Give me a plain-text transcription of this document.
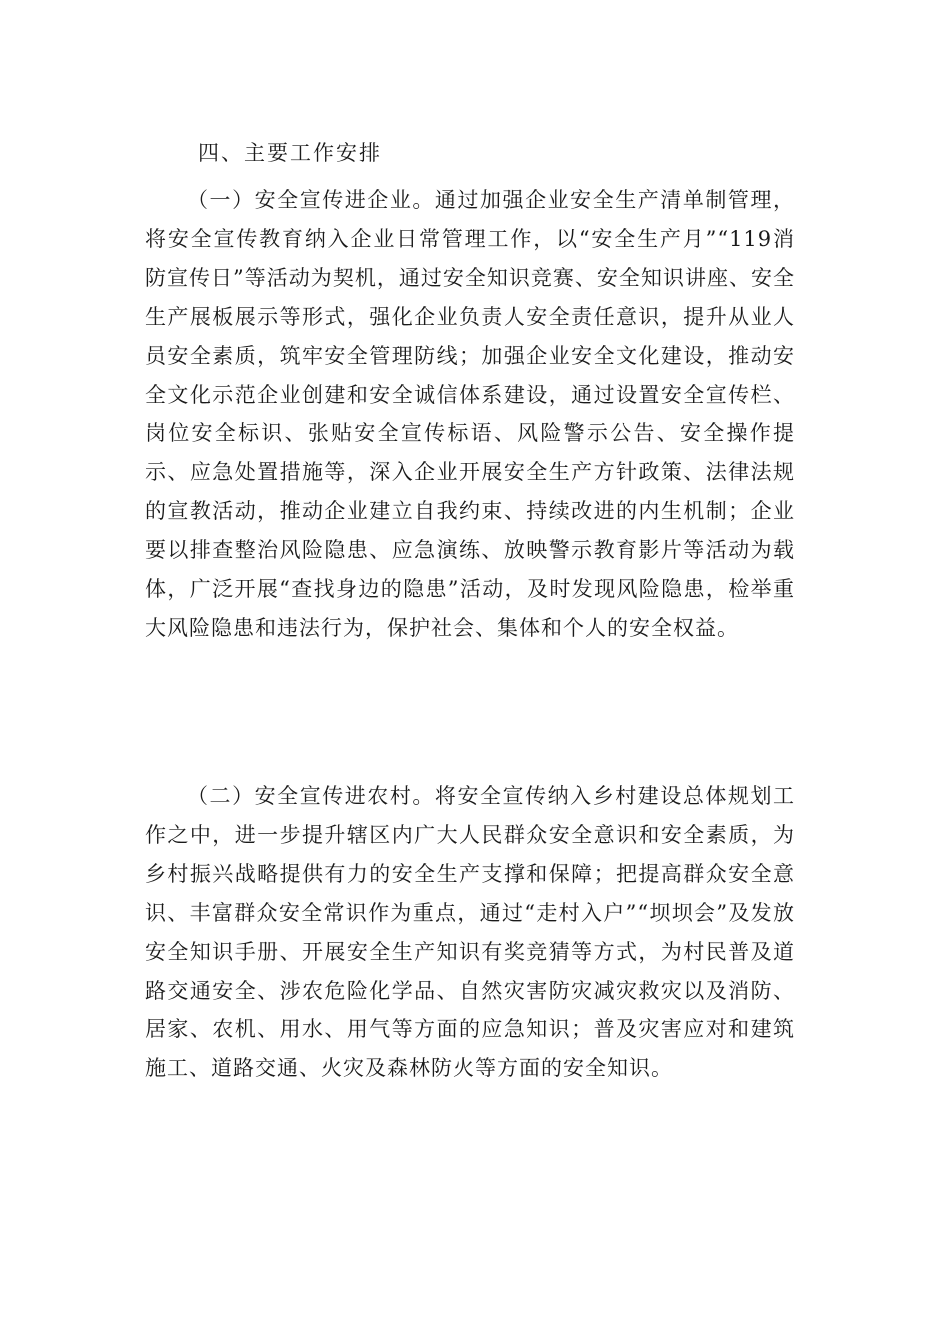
四、主要工作安排

（一）安全宣传进企业。通过加强企业安全生产清单制管理，将安全宣传教育纳入企业日常管理工作，以“安全生产月”“119消防宣传日”等活动为契机，通过安全知识竞赛、安全知识讲座、安全生产展板展示等形式，强化企业负责人安全责任意识，提升从业人员安全素质，筑牢安全管理防线；加强企业安全文化建设，推动安全文化示范企业创建和安全诚信体系建设，通过设置安全宣传栏、岗位安全标识、张贴安全宣传标语、风险警示公告、安全操作提示、应急处置措施等，深入企业开展安全生产方针政策、法律法规的宣教活动，推动企业建立自我约束、持续改进的内生机制；企业要以排查整治风险隐患、应急演练、放映警示教育影片等活动为载体，广泛开展“查找身边的隐患”活动，及时发现风险隐患，检举重大风险隐患和违法行为，保护社会、集体和个人的安全权益。

（二）安全宣传进农村。将安全宣传纳入乡村建设总体规划工作之中，进一步提升辖区内广大人民群众安全意识和安全素质，为乡村振兴战略提供有力的安全生产支撑和保障；把提高群众安全意识、丰富群众安全常识作为重点，通过“走村入户”“坝坝会”及发放安全知识手册、开展安全生产知识有奖竞猜等方式，为村民普及道路交通安全、涉农危险化学品、自然灾害防灾减灾救灾以及消防、居家、农机、用水、用气等方面的应急知识；普及灾害应对和建筑施工、道路交通、火灾及森林防火等方面的安全知识。
